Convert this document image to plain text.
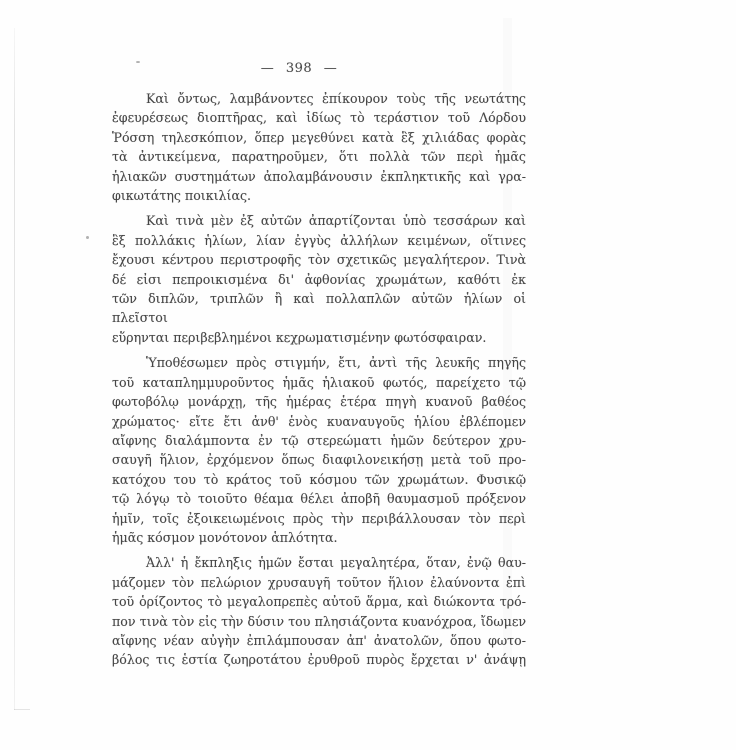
— 398 —

Καὶ ὄντως, λαμβάνοντες ἐπίκουρον τοὺς τῆς νεωτάτης
ἐφευρέσεως διοπτῆρας, καὶ ἰδίως τὸ τεράστιον τοῦ Λόρδου
Ῥόσση τηλεσκόπιον, ὅπερ μεγεθύνει κατὰ ἓξ χιλιάδας φορὰς
τὰ ἀντικείμενα, παρατηροῦμεν, ὅτι πολλὰ τῶν περὶ ἡμᾶς
ἡλιακῶν συστημάτων ἀπολαμβάνουσιν ἐκπληκτικῆς καὶ γρα-
φικωτάτης ποικιλίας.

Καὶ τινὰ μὲν ἐξ αὐτῶν ἀπαρτίζονται ὑπὸ τεσσάρων καὶ
ἓξ πολλάκις ἡλίων, λίαν ἐγγὺς ἀλλήλων κειμένων, οἵτινες
ἔχουσι κέντρου περιστροφῆς τὸν σχετικῶς μεγαλήτερον. Τινὰ
δέ εἰσι πεπροικισμένα δι' ἀφθονίας χρωμάτων, καθότι ἐκ
τῶν διπλῶν, τριπλῶν ἢ καὶ πολλαπλῶν αὐτῶν ἡλίων οἱ πλεῖστοι
εὕρηνται περιβεβλημένοι κεχρωματισμένην φωτόσφαιραν.

Ὑποθέσωμεν πρὸς στιγμήν, ἔτι, ἀντὶ τῆς λευκῆς πηγῆς
τοῦ καταπλημμυροῦντος ἡμᾶς ἡλιακοῦ φωτός, παρείχετο τῷ
φωτοβόλῳ μονάρχῃ, τῆς ἡμέρας ἑτέρα πηγὴ κυανοῦ βαθέος
χρώματος· εἴτε ἔτι ἀνθ' ἑνὸς κυαναυγοῦς ἡλίου ἐβλέπομεν
αἴφνης διαλάμποντα ἐν τῷ στερεώματι ἡμῶν δεύτερον χρυ-
σαυγῆ ἥλιον, ἐρχόμενον ὅπως διαφιλονεικήσῃ μετὰ τοῦ προ-
κατόχου του τὸ κράτος τοῦ κόσμου τῶν χρωμάτων. Φυσικῷ
τῷ λόγῳ τὸ τοιοῦτο θέαμα θέλει ἀποβῆ θαυμασμοῦ πρόξενον
ἡμῖν, τοῖς ἐξοικειωμένοις πρὸς τὴν περιβάλλουσαν τὸν περὶ
ἡμᾶς κόσμον μονότονον ἁπλότητα.

Ἀλλ' ἡ ἔκπληξις ἡμῶν ἔσται μεγαλητέρα, ὅταν, ἐνῷ θαυ-
μάζομεν τὸν πελώριον χρυσαυγῆ τοῦτον ἥλιον ἐλαύνοντα ἐπὶ
τοῦ ὁρίζοντος τὸ μεγαλοπρεπὲς αὐτοῦ ἅρμα, καὶ διώκοντα τρό-
πον τινὰ τὸν εἰς τὴν δύσιν του πλησιάζοντα κυανόχροα, ἴδωμεν
αἴφνης νέαν αὐγὴν ἐπιλάμπουσαν ἀπ' ἀνατολῶν, ὅπου φωτο-
βόλος τις ἑστία ζωηροτάτου ἐρυθροῦ πυρὸς ἔρχεται ν' ἀνάψῃ
